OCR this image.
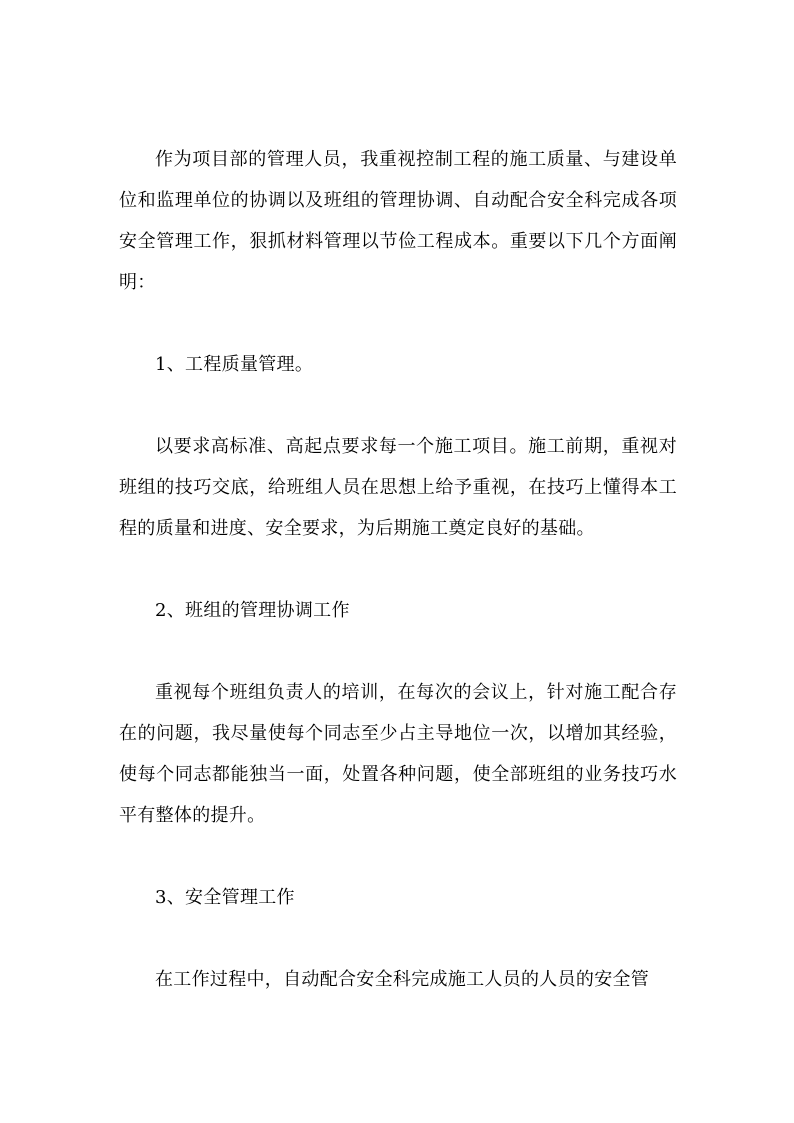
作为项目部的管理人员，我重视控制工程的施工质量、与建设单位和监理单位的协调以及班组的管理协调、自动配合安全科完成各项安全管理工作，狠抓材料管理以节俭工程成本。重要以下几个方面阐明：

1、工程质量管理。

以要求高标准、高起点要求每一个施工项目。施工前期，重视对班组的技巧交底，给班组人员在思想上给予重视，在技巧上懂得本工程的质量和进度、安全要求，为后期施工奠定良好的基础。

2、班组的管理协调工作

重视每个班组负责人的培训，在每次的会议上，针对施工配合存在的问题，我尽量使每个同志至少占主导地位一次，以增加其经验，使每个同志都能独当一面，处置各种问题，使全部班组的业务技巧水平有整体的提升。

3、安全管理工作

在工作过程中，自动配合安全科完成施工人员的人员的安全管
